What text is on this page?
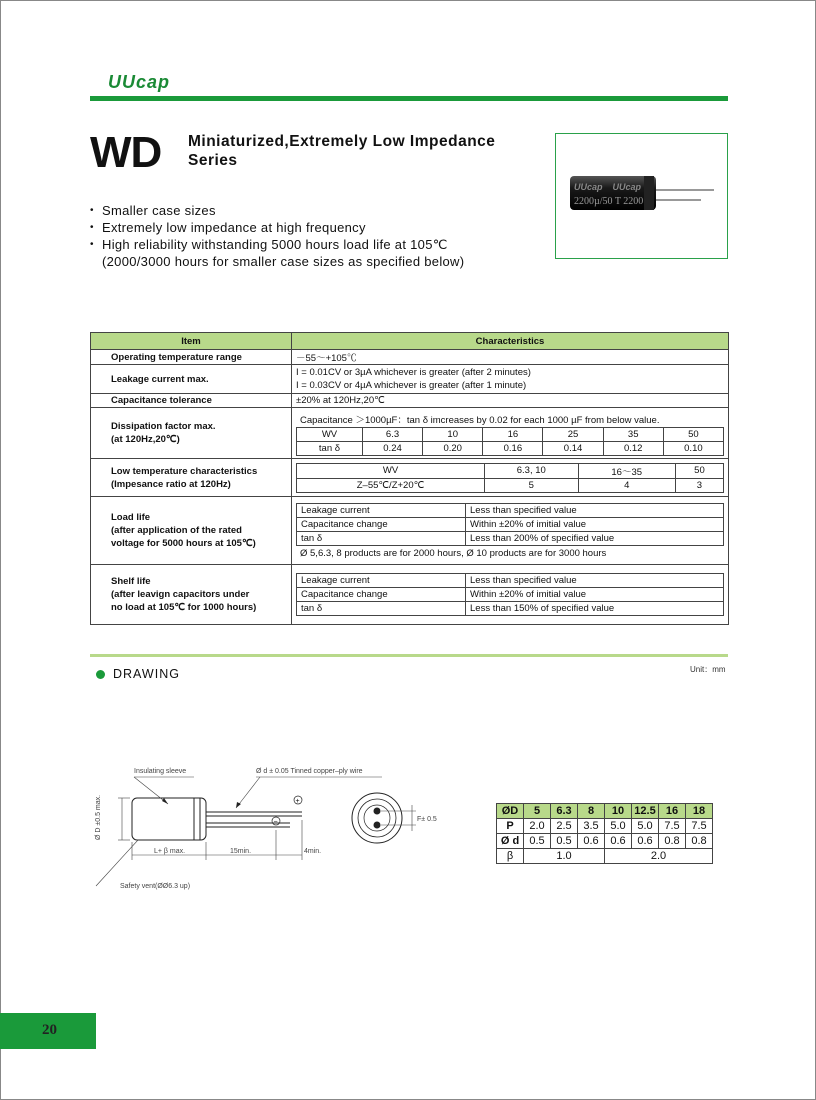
UUcap
WD Miniaturized,Extremely Low Impedance
Series
• Smaller case sizes
• Extremely low impedance at high frequency
• High reliability withstanding 5000 hours load life at 105℃
(2000/3000 hours for smaller case sizes as specified below)
UUcap    UUcap
2200µ/50 T 2200
Item	Characteristics
Operating temperature range	－55～+105℃
Leakage current max.	
I = 0.01CV or 3µA whichever is greater (after 2 minutes)
I = 0.03CV or 4µA whichever is greater (after 1 minute)

Capacitance tolerance	±20% at 120Hz,20℃

Dissipation factor max.
(at 120Hz,20℃)

Capacitance ＞1000µF：tan δ imcreases by 0.02 for each 1000 µF from below value.
WV	6.3	10	16	25	35	50
tan δ	0.24	0.20	0.16	0.14	0.12	0.10

Low temperature characteristics
(Impesance ratio at 120Hz)

WV	6.3, 10	16～35	50
Z–55℃/Z+20℃	5	4	3

Load life
(after application of the rated
voltage for 5000 hours at 105℃)

Leakage current	Less than specified value
Capacitance change	Within ±20% of imitial value
tan δ	Less than 200% of specified value
Ø 5,6.3, 8 products are for 2000 hours, Ø 10 products are for 3000 hours

Shelf life
(after leavign capacitors under
no load at 105℃ for 1000 hours)

Leakage current	Less than specified value
Capacitance change	Within ±20% of imitial value
tan δ	Less than 150% of specified value
DRAWING	Unit：mm
+
−
Insulating sleeve	Ø d ± 0.05 Tinned copper–ply wire
Ø D ±0.5 max.
L+ β max.	15min.	4min.
Safety vent(ØØ6.3 up)
F± 0.5
ØD	5	6.3	8	10	12.5	16	18
P	2.0	2.5	3.5	5.0	5.0	7.5	7.5
Ø d	0.5	0.5	0.6	0.6	0.6	0.8	0.8
β	1.0			2.0			
20
